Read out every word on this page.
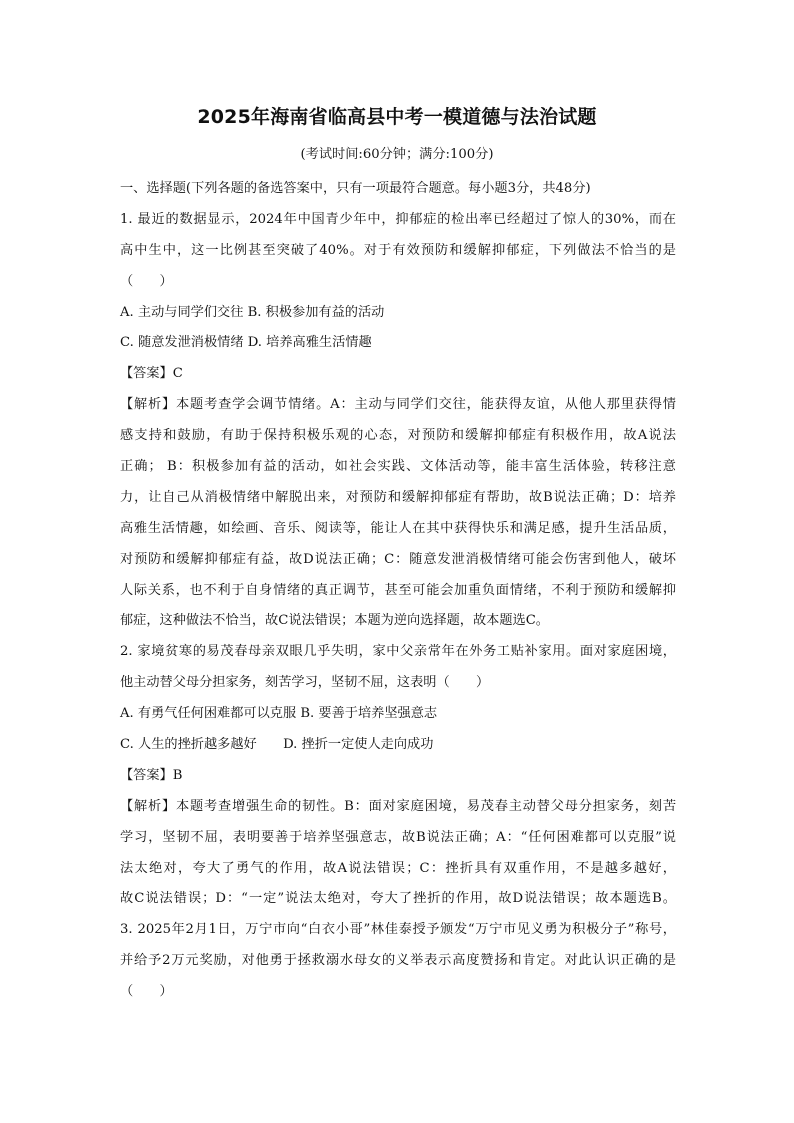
2025年海南省临高县中考一模道德与法治试题
(考试时间:60分钟；满分:100分)
一、选择题(下列各题的备选答案中，只有一项最符合题意。每小题3分，共48分)
1. 最近的数据显示，2024年中国青少年中，抑郁症的检出率已经超过了惊人的30%，而在
高中生中，这一比例甚至突破了40%。对于有效预防和缓解抑郁症，下列做法不恰当的是
（　　）
A. 主动与同学们交往 B. 积极参加有益的活动
C. 随意发泄消极情绪 D. 培养高雅生活情趣
【答案】C
【解析】本题考查学会调节情绪。A：主动与同学们交往，能获得友谊，从他人那里获得情
感支持和鼓励，有助于保持积极乐观的心态，对预防和缓解抑郁症有积极作用，故A说法
正确； B：积极参加有益的活动，如社会实践、文体活动等，能丰富生活体验，转移注意
力，让自己从消极情绪中解脱出来，对预防和缓解抑郁症有帮助，故B说法正确；D：培养
高雅生活情趣，如绘画、音乐、阅读等，能让人在其中获得快乐和满足感，提升生活品质，
对预防和缓解抑郁症有益，故D说法正确；C：随意发泄消极情绪可能会伤害到他人，破坏
人际关系，也不利于自身情绪的真正调节，甚至可能会加重负面情绪，不利于预防和缓解抑
郁症，这种做法不恰当，故C说法错误；本题为逆向选择题，故本题选C。
2. 家境贫寒的易茂春母亲双眼几乎失明，家中父亲常年在外务工贴补家用。面对家庭困境，
他主动替父母分担家务，刻苦学习，坚韧不屈，这表明（　　）
A. 有勇气任何困难都可以克服 B. 要善于培养坚强意志
C. 人生的挫折越多越好　　D. 挫折一定使人走向成功
【答案】B
【解析】本题考查增强生命的韧性。B：面对家庭困境，易茂春主动替父母分担家务，刻苦
学习，坚韧不屈，表明要善于培养坚强意志，故B说法正确；A：“任何困难都可以克服”说
法太绝对，夸大了勇气的作用，故A说法错误；C：挫折具有双重作用，不是越多越好，
故C说法错误；D：“一定”说法太绝对，夸大了挫折的作用，故D说法错误；故本题选B。
3. 2025年2月1日，万宁市向“白衣小哥”林佳泰授予颁发“万宁市见义勇为积极分子”称号，
并给予2万元奖励，对他勇于拯救溺水母女的义举表示高度赞扬和肯定。对此认识正确的是
（　　）
